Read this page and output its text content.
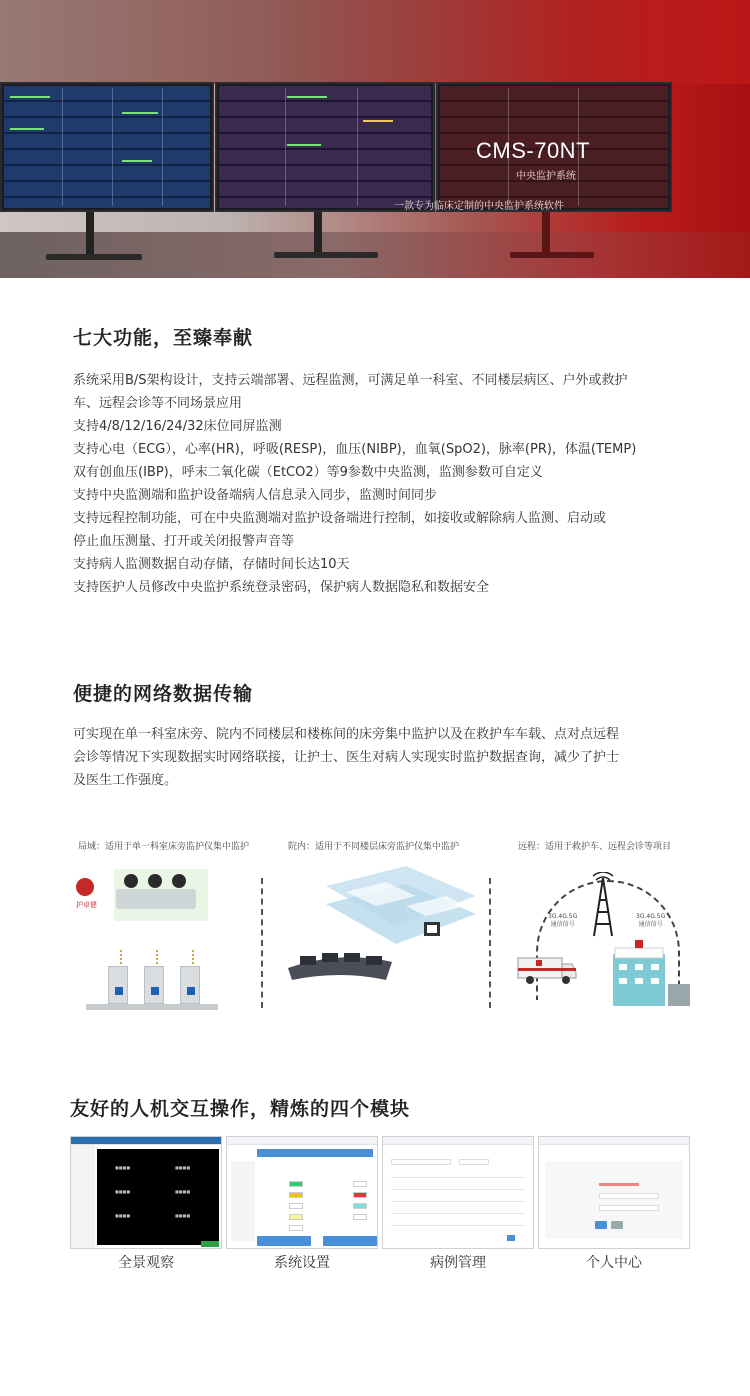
CMS-70NT
中央监护系统
一款专为临床定制的中央监护系统软件
七大功能，至臻奉献

系统采用B/S架构设计，支持云端部署、远程监测，可满足单一科室、不同楼层病区、户外或救护

车、远程会诊等不同场景应用

支持4/8/12/16/24/32床位同屏监测

支持心电（ECG），心率(HR)，呼吸(RESP)，血压(NIBP)，血氧(SpO2)，脉率(PR)，体温(TEMP)

双有创血压(IBP)，呼末二氧化碳（EtCO2）等9参数中央监测，监测参数可自定义

支持中央监测端和监护设备端病人信息录入同步，监测时间同步

支持远程控制功能，可在中央监测端对监护设备端进行控制，如接收或解除病人监测、启动或

停止血压测量、打开或关闭报警声音等

支持病人监测数据自动存储，存储时间长达10天

支持医护人员修改中央监护系统登录密码，保护病人数据隐私和数据安全

便捷的网络数据传输

可实现在单一科室床旁、院内不同楼层和楼栋间的床旁集中监护以及在救护车车载、点对点远程

会诊等情况下实现数据实时网络联接，让护士、医生对病人实现实时监护数据查询，减少了护士

及医生工作强度。

局域：适用于单一科室床旁监护仪集中监护	院内：适用于不同楼层床旁监护仪集中监护	远程：适用于救护车、远程会诊等项目
护卓健
3G.4G.5G
通信信号
3G.4G.5G
通信信号
友好的人机交互操作，精炼的四个模块
■■■■	■■■■
■■■■	■■■■
■■■■	■■■■
全景观察	系统设置	病例管理	个人中心
